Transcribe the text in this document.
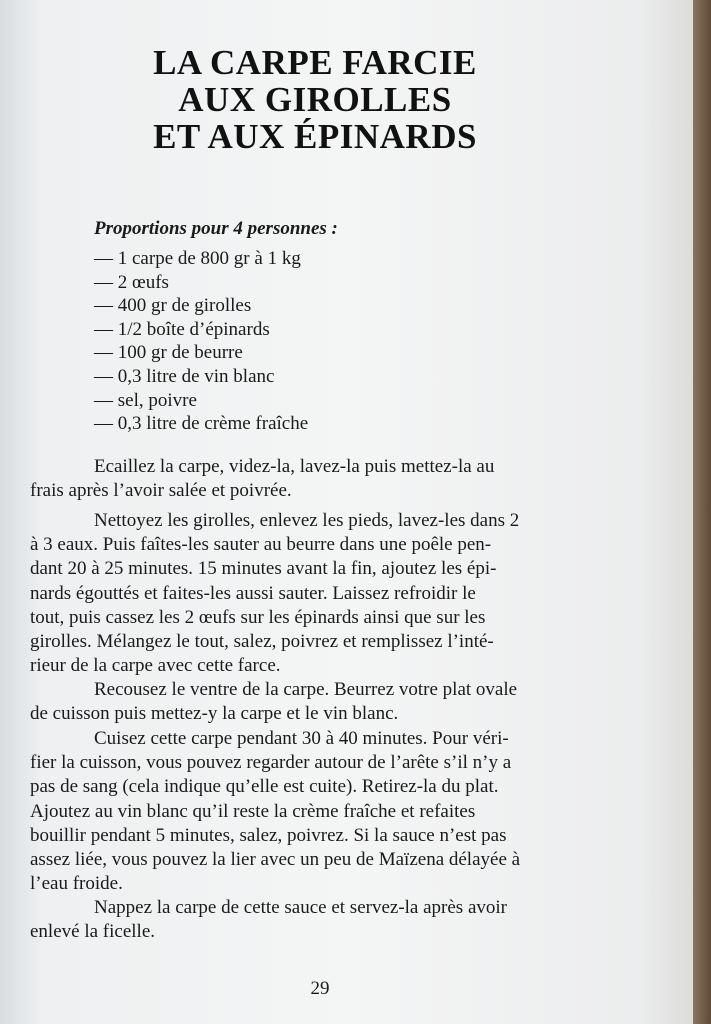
LA CARPE FARCIE
AUX GIROLLES
ET AUX ÉPINARDS
Proportions pour 4 personnes :
— 1 carpe de 800 gr à 1 kg
— 2 œufs
— 400 gr de girolles
— 1/2 boîte d’épinards
— 100 gr de beurre
— 0,3 litre de vin blanc
— sel, poivre
— 0,3 litre de crème fraîche

Ecaillez la carpe, videz-la, lavez-la puis mettez-la au
frais après l’avoir salée et poivrée.

Nettoyez les girolles, enlevez les pieds, lavez-les dans 2
à 3 eaux. Puis faîtes-les sauter au beurre dans une poêle pen-
dant 20 à 25 minutes. 15 minutes avant la fin, ajoutez les épi-
nards égouttés et faites-les aussi sauter. Laissez refroidir le
tout, puis cassez les 2 œufs sur les épinards ainsi que sur les
girolles. Mélangez le tout, salez, poivrez et remplissez l’inté-
rieur de la carpe avec cette farce.

Recousez le ventre de la carpe. Beurrez votre plat ovale
de cuisson puis mettez-y la carpe et le vin blanc.

Cuisez cette carpe pendant 30 à 40 minutes. Pour véri-
fier la cuisson, vous pouvez regarder autour de l’arête s’il n’y a
pas de sang (cela indique qu’elle est cuite). Retirez-la du plat.
Ajoutez au vin blanc qu’il reste la crème fraîche et refaites
bouillir pendant 5 minutes, salez, poivrez. Si la sauce n’est pas
assez liée, vous pouvez la lier avec un peu de Maïzena délayée à
l’eau froide.

Nappez la carpe de cette sauce et servez-la après avoir
enlevé la ficelle.

29
